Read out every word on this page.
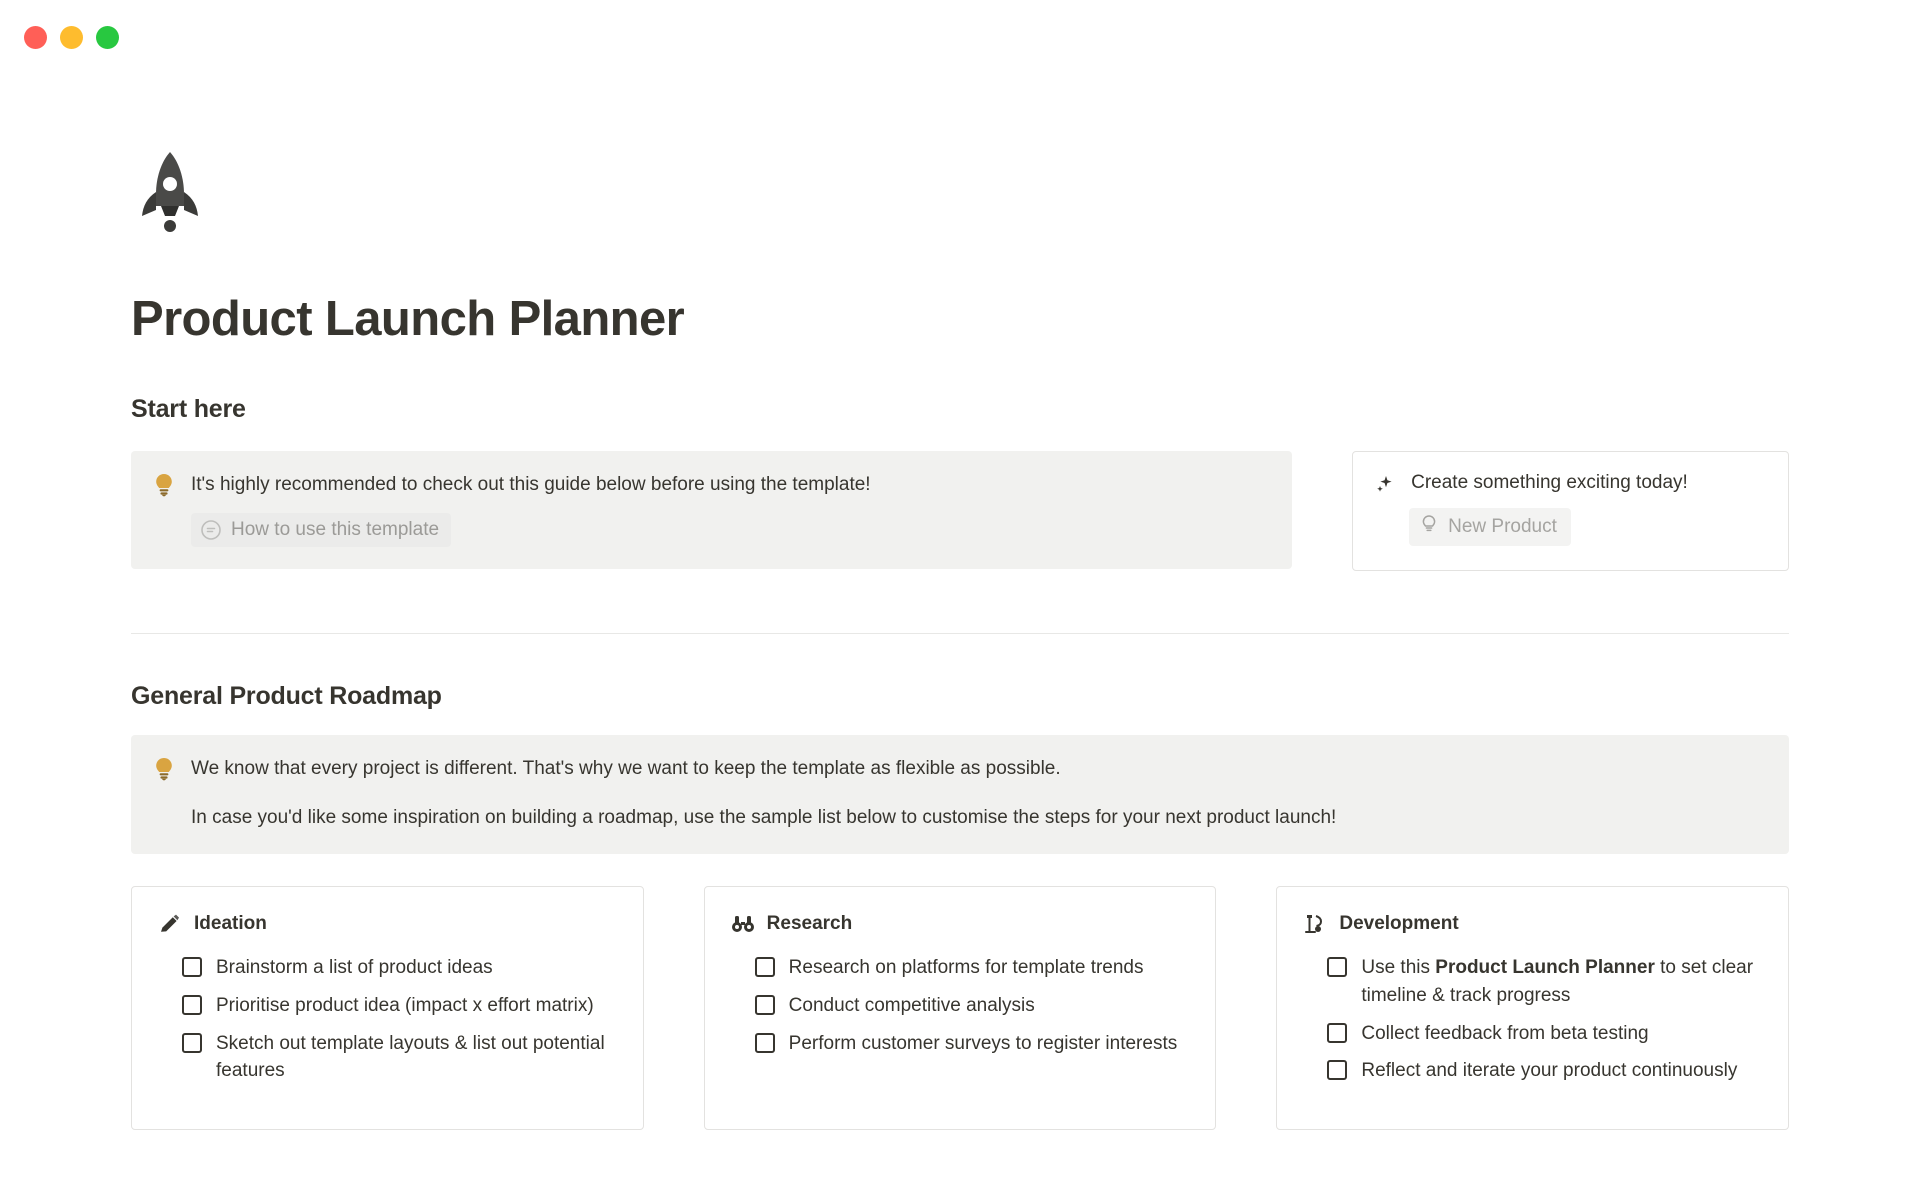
Product Launch Planner
Start here
It's highly recommended to check out this guide below before using the template!
How to use this template
Create something exciting today!
New Product
General Product Roadmap
We know that every project is different. That's why we want to keep the template as flexible as possible.
In case you'd like some inspiration on building a roadmap, use the sample list below to customise the steps for your next product launch!
Ideation
Brainstorm a list of product ideas
Prioritise product idea (impact x effort matrix)
Sketch out template layouts & list out potential features
Research
Research on platforms for template trends
Conduct competitive analysis
Perform customer surveys to register interests
Development
Use this Product Launch Planner to set clear timeline & track progress
Collect feedback from beta testing
Reflect and iterate your product continuously
